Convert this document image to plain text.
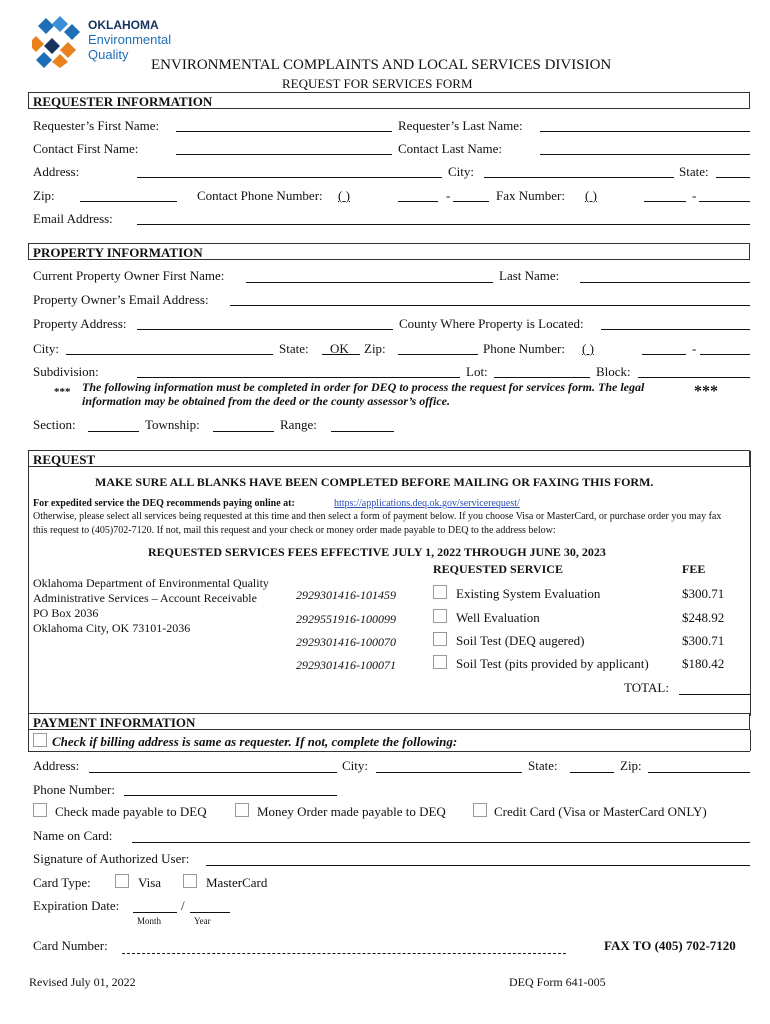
OKLAHOMA
Environmental
Quality
ENVIRONMENTAL COMPLAINTS AND LOCAL SERVICES DIVISION
REQUEST FOR SERVICES FORM
REQUESTER INFORMATION
Requester’s First Name:	Requester’s Last Name:
Contact First Name:	Contact Last Name:
Address:	City:	State:
Zip:	Contact Phone Number: ( )	-	Fax Number: ( )	-
Email Address:
PROPERTY INFORMATION
Current Property Owner First Name:	Last Name:
Property Owner’s Email Address:
Property Address:	County Where Property is Located:
City:	State: OK Zip:	Phone Number: ( )	-
Subdivision:	Lot:	Block:
*** The following information must be completed in order for DEQ to process the request for services form. The legal information may be obtained from the deed or the county assessor’s office.
***
Section:	Township:	Range:
REQUEST
MAKE SURE ALL BLANKS HAVE BEEN COMPLETED BEFORE MAILING OR FAXING THIS FORM.
For expedited service the DEQ recommends paying online at:	https://applications.deq.ok.gov/servicerequest/
Otherwise, please select all services being requested at this time and then select a form of payment below. If you choose Visa or MasterCard, or purchase order you may fax this request to (405)702-7120. If not, mail this request and your check or money order made payable to DEQ to the address below:
REQUESTED SERVICES FEES EFFECTIVE JULY 1, 2022 THROUGH JUNE 30, 2023
REQUESTED SERVICE	FEE
Oklahoma Department of Environmental Quality
Administrative Services – Account Receivable
PO Box 2036
Oklahoma City, OK 73101-2036
2929301416-101459	Existing System Evaluation	$300.71
2929551916-100099	Well Evaluation	$248.92
2929301416-100070	Soil Test (DEQ augered)	$300.71
2929301416-100071	Soil Test (pits provided by applicant)	$180.42
TOTAL:
PAYMENT INFORMATION
Check if billing address is same as requester. If not, complete the following:
Address:	City:	State:	Zip:
Phone Number:
Check made payable to DEQ	Money Order made payable to DEQ	Credit Card (Visa or MasterCard ONLY)
Name on Card:
Signature of Authorized User:
Card Type:	Visa	MasterCard
Expiration Date:	/
Month	Year
Card Number:	FAX TO (405) 702-7120
Revised July 01, 2022	DEQ Form 641-005
